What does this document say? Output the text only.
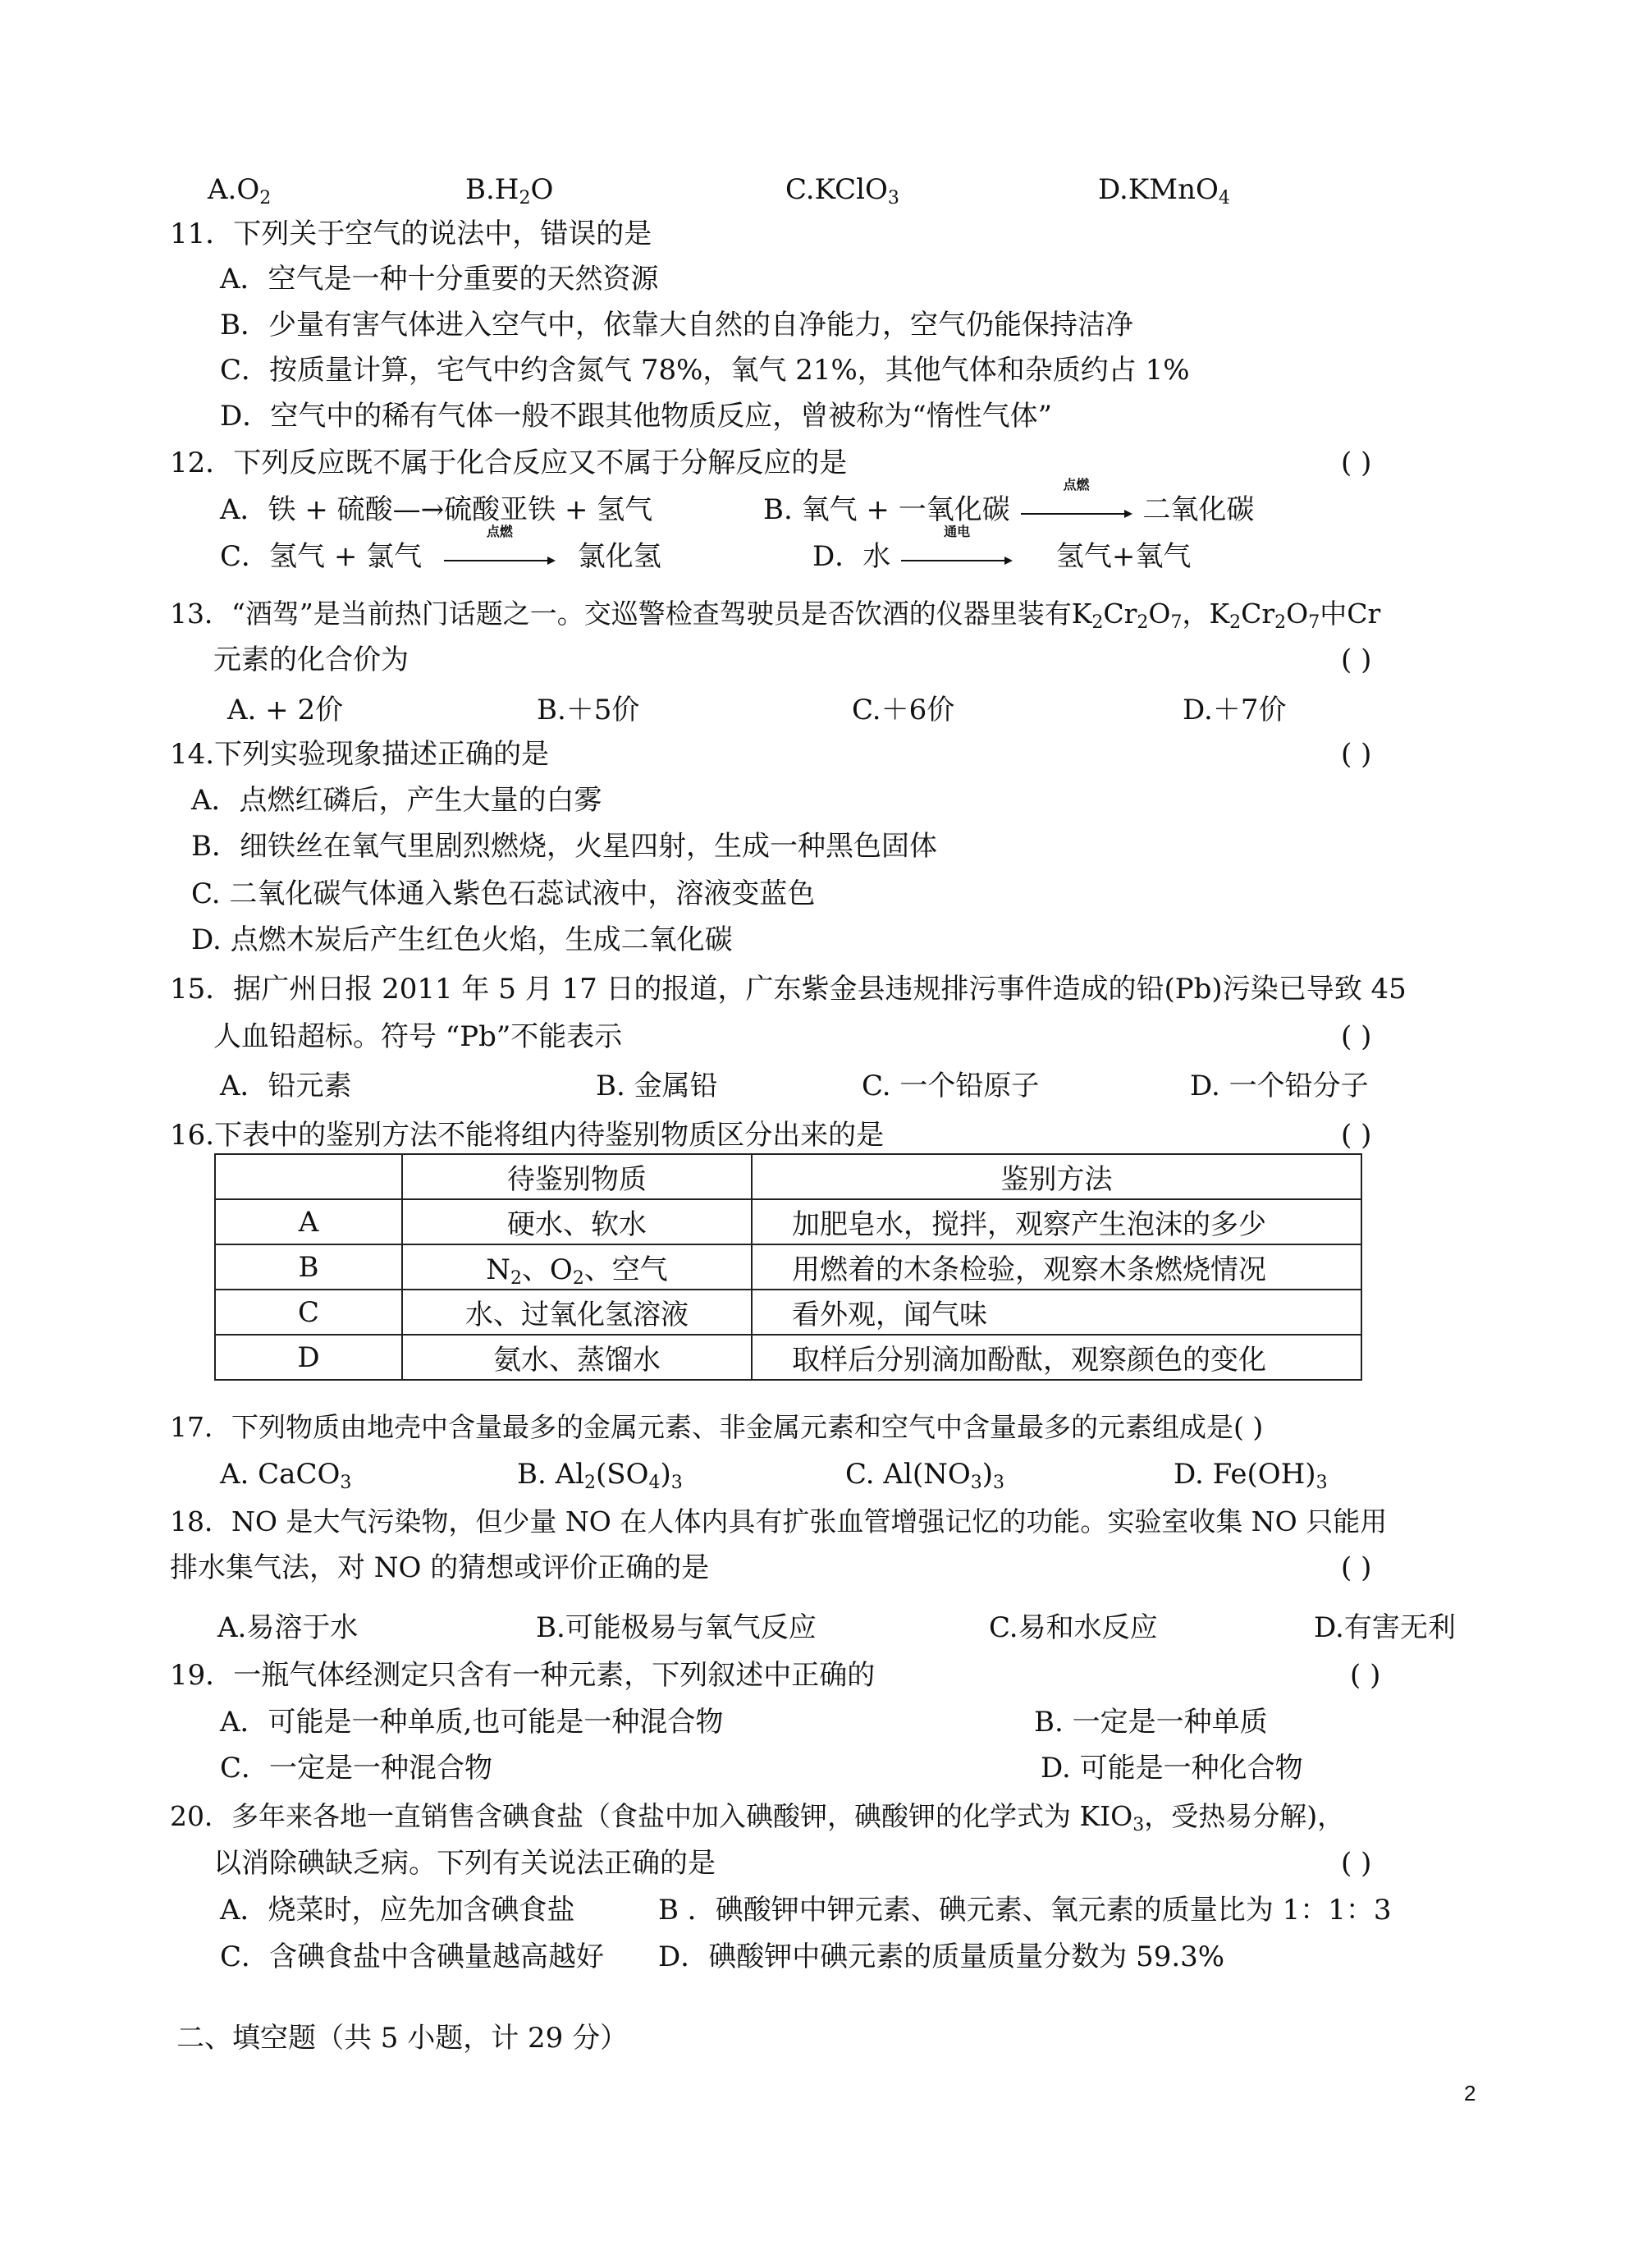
$A.O_2$	$B.H_2O$	C.KClO$_3$	D.KMnO$_4$
11．下列关于空气的说法中，错误的是
A．空气是一种十分重要的天然资源
B．少量有害气体进入空气中，依靠大自然的自净能力，空气仍能保持洁净
C．按质量计算，宅气中约含氮气 78%，氧气 21%，其他气体和杂质约占 1%
D．空气中的稀有气体一般不跟其他物质反应，曾被称为“惰性气体”
12．下列反应既不属于化合反应又不属于分解反应的是	( )
A．铁 + 硫酸—→硫酸亚铁 + 氢气	B. 氧气 + 一氧化碳
点燃
二氧化碳
C．氢气 + 氯气
点燃
氯化氢	D．水
通电
氢气+氧气
13．“酒驾”是当前热门话题之一。交巡警检查驾驶员是否饮酒的仪器里装有$K_2Cr_2O_7$，$K_2Cr_2O_7$中Cr
元素的化合价为	( )
A. + 2价	B.＋5价	C.＋6价	D.＋7价
14.下列实验现象描述正确的是	( )
A．点燃红磷后，产生大量的白雾
B．细铁丝在氧气里剧烈燃烧，火星四射，生成一种黑色固体
C. 二氧化碳气体通入紫色石蕊试液中，溶液变蓝色
D. 点燃木炭后产生红色火焰，生成二氧化碳
15．据广州日报 2011 年 5 月 17 日的报道，广东紫金县违规排污事件造成的铅(Pb)污染已导致 45
人血铅超标。符号 “Pb”不能表示	( )
A．铅元素	B. 金属铅	C. 一个铅原子	D. 一个铅分子
16.下表中的鉴别方法不能将组内待鉴别物质区分出来的是	( )
	待鉴别物质	鉴别方法
A	硬水、软水	加肥皂水，搅拌，观察产生泡沫的多少
B	$N_2$、$O_2$、空气	用燃着的木条检验，观察木条燃烧情况
C	水、过氧化氢溶液	看外观，闻气味
D	氨水、蒸馏水	取样后分别滴加酚酞，观察颜色的变化
17．下列物质由地壳中含量最多的金属元素、非金属元素和空气中含量最多的元素组成是( )
A. CaCO$_3$	B. $Al_2(SO_4)_3$	C. $Al(NO_3)_3$	D. $Fe(OH)_3$
18．NO 是大气污染物，但少量 NO 在人体内具有扩张血管增强记忆的功能。实验室收集 NO 只能用
排水集气法，对 NO 的猜想或评价正确的是	( )
A.易溶于水	B.可能极易与氧气反应	C.易和水反应	D.有害无利
19．一瓶气体经测定只含有一种元素，下列叙述中正确的	( )
A．可能是一种单质,也可能是一种混合物	B. 一定是一种单质
C．一定是一种混合物	D. 可能是一种化合物
20．多年来各地一直销售含碘食盐（食盐中加入碘酸钾，碘酸钾的化学式为 $KIO_3$，受热易分解)，
以消除碘缺乏病。下列有关说法正确的是	( )
A．烧菜时，应先加含碘食盐	B ．碘酸钾中钾元素、碘元素、氧元素的质量比为 1：1：3
C．含碘食盐中含碘量越高越好 D．碘酸钾中碘元素的质量质量分数为 59.3%
二、填空题（共 5 小题，计 29 分）
2
